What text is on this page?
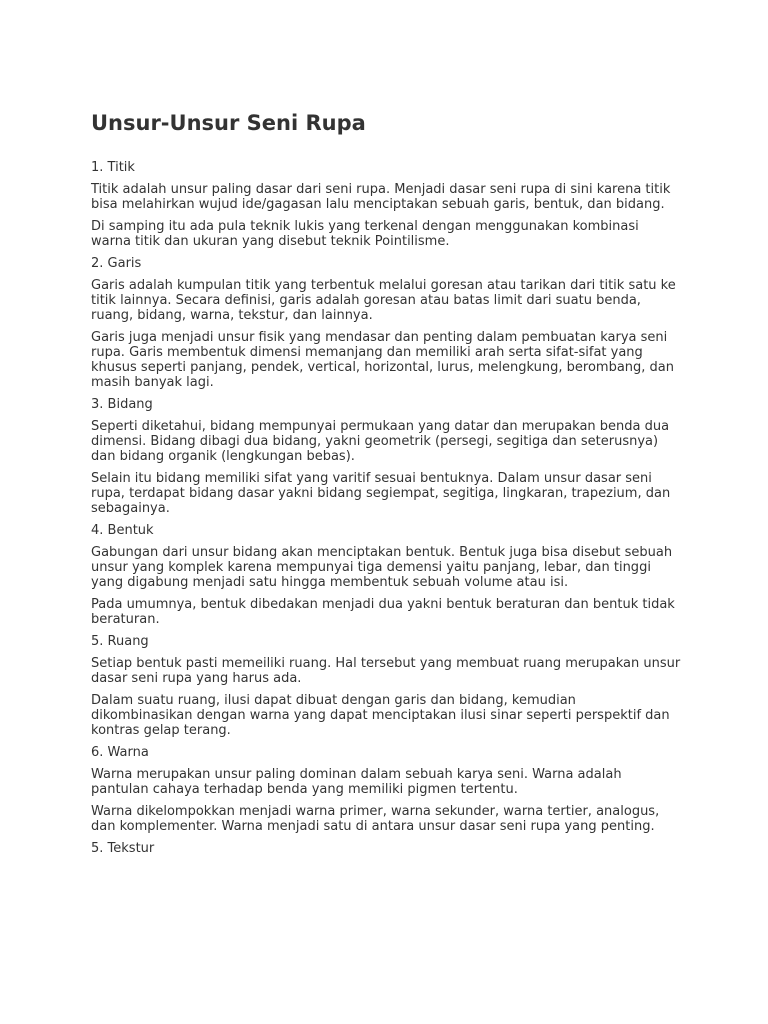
Unsur-Unsur Seni Rupa
1. Titik

Titik adalah unsur paling dasar dari seni rupa. Menjadi dasar seni rupa di sini karena titik bisa melahirkan wujud ide/gagasan lalu menciptakan sebuah garis, bentuk, dan bidang.

Di samping itu ada pula teknik lukis yang terkenal dengan menggunakan kombinasi warna titik dan ukuran yang disebut teknik Pointilisme.

2. Garis

Garis adalah kumpulan titik yang terbentuk melalui goresan atau tarikan dari titik satu ke titik lainnya. Secara definisi, garis adalah goresan atau batas limit dari suatu benda, ruang, bidang, warna, tekstur, dan lainnya.

Garis juga menjadi unsur fisik yang mendasar dan penting dalam pembuatan karya seni rupa. Garis membentuk dimensi memanjang dan memiliki arah serta sifat-sifat yang khusus seperti panjang, pendek, vertical, horizontal, lurus, melengkung, berombang, dan masih banyak lagi.

3. Bidang

Seperti diketahui, bidang mempunyai permukaan yang datar dan merupakan benda dua dimensi. Bidang dibagi dua bidang, yakni geometrik (persegi, segitiga dan seterusnya) dan bidang organik (lengkungan bebas).

Selain itu bidang memiliki sifat yang varitif sesuai bentuknya. Dalam unsur dasar seni rupa, terdapat bidang dasar yakni bidang segiempat, segitiga, lingkaran, trapezium, dan sebagainya.

4. Bentuk

Gabungan dari unsur bidang akan menciptakan bentuk. Bentuk juga bisa disebut sebuah unsur yang komplek karena mempunyai tiga demensi yaitu panjang, lebar, dan tinggi yang digabung menjadi satu hingga membentuk sebuah volume atau isi.

Pada umumnya, bentuk dibedakan menjadi dua yakni bentuk beraturan dan bentuk tidak beraturan.

5. Ruang

Setiap bentuk pasti memeiliki ruang. Hal tersebut yang membuat ruang merupakan unsur dasar seni rupa yang harus ada.

Dalam suatu ruang, ilusi dapat dibuat dengan garis dan bidang, kemudian dikombinasikan dengan warna yang dapat menciptakan ilusi sinar seperti perspektif dan kontras gelap terang.

6. Warna

Warna merupakan unsur paling dominan dalam sebuah karya seni. Warna adalah pantulan cahaya terhadap benda yang memiliki pigmen tertentu.

Warna dikelompokkan menjadi warna primer, warna sekunder, warna tertier, analogus, dan komplementer. Warna menjadi satu di antara unsur dasar seni rupa yang penting.

5. Tekstur
